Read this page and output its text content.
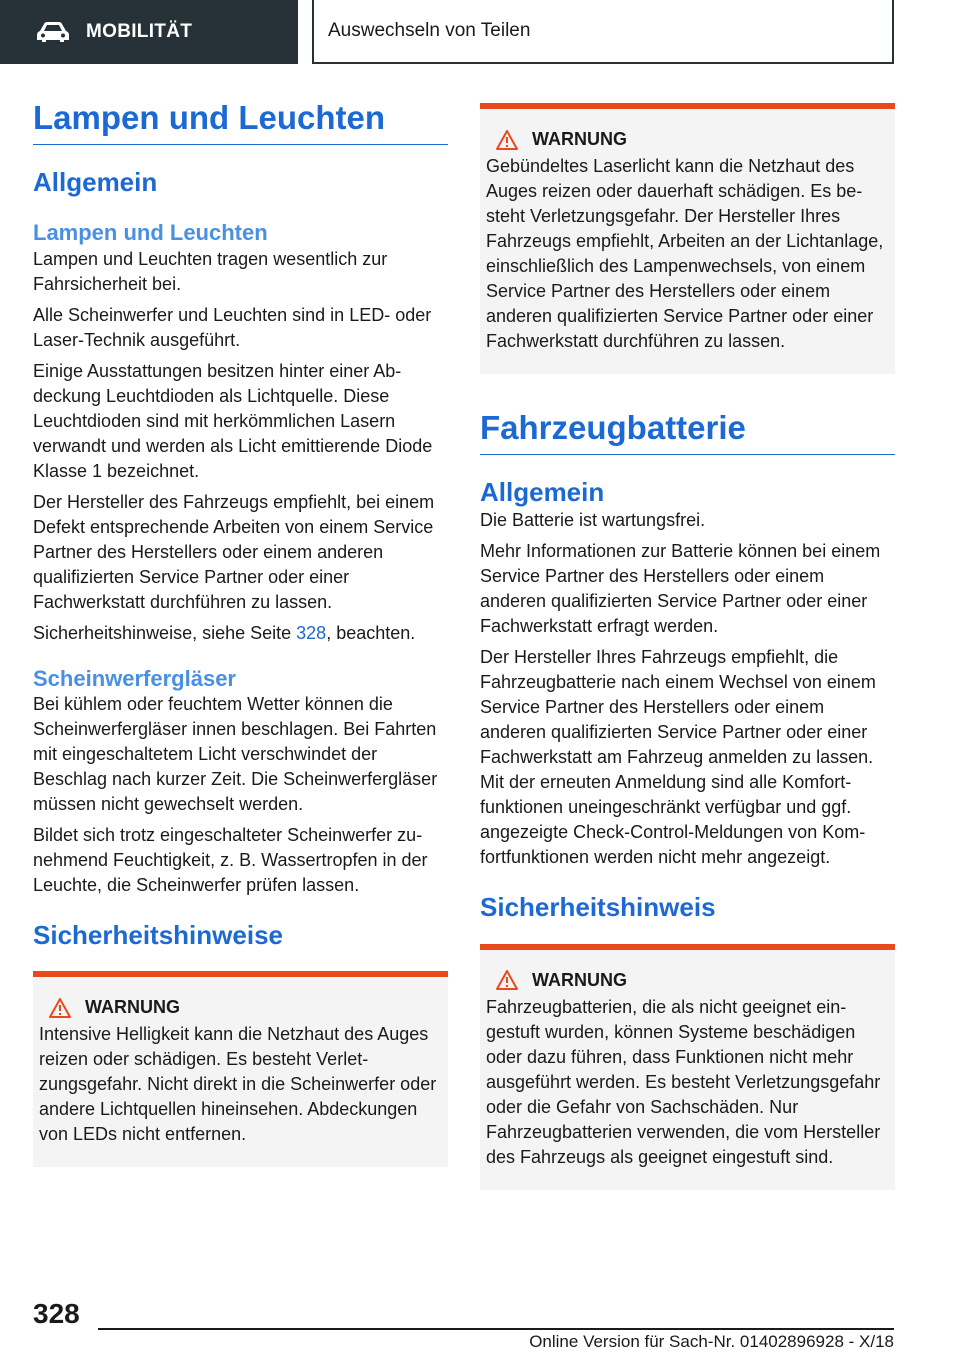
MOBILITÄT	Auswechseln von Teilen
Lampen und Leuchten
Allgemein
Lampen und Leuchten

Lampen und Leuchten tragen wesentlich zur Fahrsicherheit bei.

Alle Scheinwerfer und Leuchten sind in LED- oder Laser-Technik ausgeführt.

Einige Ausstattungen besitzen hinter einer Abdeckung Leuchtdioden als Lichtquelle. Diese Leuchtdioden sind mit herkömmlichen Lasern verwandt und werden als Licht emittierende Diode Klasse 1 bezeichnet.

Der Hersteller des Fahrzeugs empfiehlt, bei einem Defekt entsprechende Arbeiten von einem Service Partner des Herstellers oder einem anderen qualifizierten Service Partner oder einer Fachwerkstatt durchführen zu lassen.

Sicherheitshinweise, siehe Seite 328, beachten.

Scheinwerfergläser

Bei kühlem oder feuchtem Wetter können die Scheinwerfergläser innen beschlagen. Bei Fahrten mit eingeschaltetem Licht verschwindet der Beschlag nach kurzer Zeit. Die Scheinwerfergläser müssen nicht gewechselt werden.

Bildet sich trotz eingeschalteter Scheinwerfer zunehmend Feuchtigkeit, z. B. Wassertropfen in der Leuchte, die Scheinwerfer prüfen lassen.

Sicherheitshinweise
WARNUNG

Intensive Helligkeit kann die Netzhaut des Auges reizen oder schädigen. Es besteht Verletzungsgefahr. Nicht direkt in die Scheinwerfer oder andere Lichtquellen hineinsehen. Abdeckungen von LEDs nicht entfernen.

WARNUNG

Gebündeltes Laserlicht kann die Netzhaut des Auges reizen oder dauerhaft schädigen. Es besteht Verletzungsgefahr. Der Hersteller Ihres Fahrzeugs empfiehlt, Arbeiten an der Lichtanlage, einschließlich des Lampenwechsels, von einem Service Partner des Herstellers oder einem anderen qualifizierten Service Partner oder einer Fachwerkstatt durchführen zu lassen.

Fahrzeugbatterie
Allgemein

Die Batterie ist wartungsfrei.

Mehr Informationen zur Batterie können bei einem Service Partner des Herstellers oder einem anderen qualifizierten Service Partner oder einer Fachwerkstatt erfragt werden.

Der Hersteller Ihres Fahrzeugs empfiehlt, die Fahrzeugbatterie nach einem Wechsel von einem Service Partner des Herstellers oder einem anderen qualifizierten Service Partner oder einer Fachwerkstatt am Fahrzeug anmelden zu lassen. Mit der erneuten Anmeldung sind alle Komfortfunktionen uneingeschränkt verfügbar und ggf. angezeigte Check-Control-Meldungen von Komfortfunktionen werden nicht mehr angezeigt.

Sicherheitshinweis
WARNUNG

Fahrzeugbatterien, die als nicht geeignet eingestuft wurden, können Systeme beschädigen oder dazu führen, dass Funktionen nicht mehr ausgeführt werden. Es besteht Verletzungsgefahr oder die Gefahr von Sachschäden. Nur Fahrzeugbatterien verwenden, die vom Hersteller des Fahrzeugs als geeignet eingestuft sind.

328
Online Version für Sach-Nr. 01402896928 - X/18
